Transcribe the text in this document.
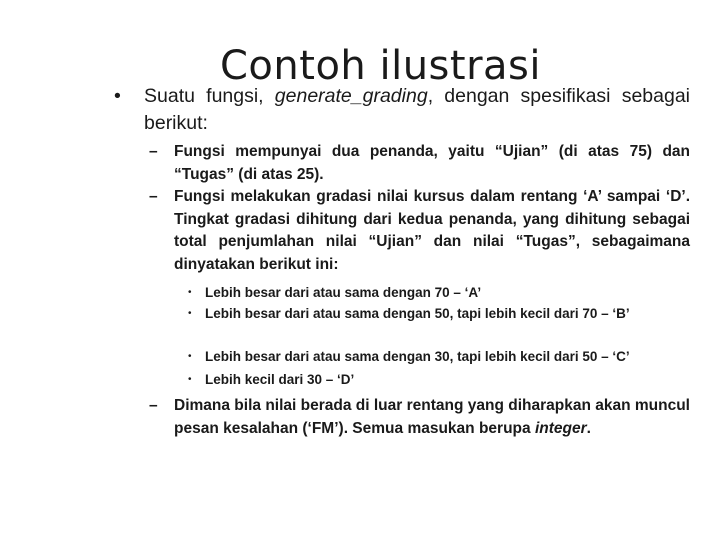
Contoh ilustrasi
• Suatu fungsi, generate_grading, dengan spesifikasi sebagai berikut:
– Fungsi mempunyai dua penanda, yaitu “Ujian” (di atas 75) dan “Tugas” (di atas 25).
– Fungsi melakukan gradasi nilai kursus dalam rentang ‘A’ sampai ‘D’. Tingkat gradasi dihitung dari kedua penanda, yang dihitung sebagai total penjumlahan nilai “Ujian” dan nilai “Tugas”, sebagaimana dinyatakan berikut ini:
• Lebih besar dari atau sama dengan 70 – ‘A’
• Lebih besar dari atau sama dengan 50, tapi lebih kecil dari 70 – ‘B’
• Lebih besar dari atau sama dengan 30, tapi lebih kecil dari 50 – ‘C’
• Lebih kecil dari 30 – ‘D’
– Dimana bila nilai berada di luar rentang yang diharapkan akan muncul pesan kesalahan (‘FM’). Semua masukan berupa integer.
